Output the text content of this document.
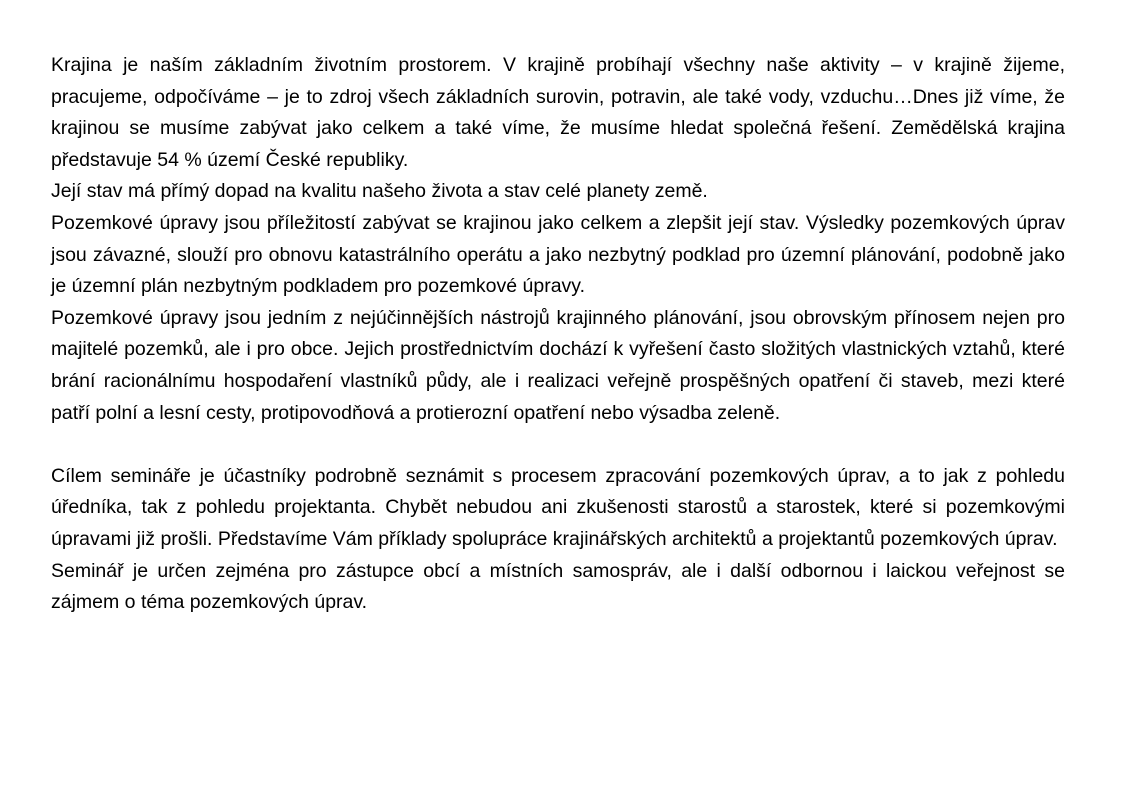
Krajina je naším základním životním prostorem. V krajině probíhají všechny naše aktivity – v krajině žijeme, pracujeme, odpočíváme – je to zdroj všech základních surovin, potravin, ale také vody, vzduchu…Dnes již víme, že krajinou se musíme zabývat jako celkem a také víme, že musíme hledat společná řešení. Zemědělská krajina představuje 54 % území České republiky.

Její stav má přímý dopad na kvalitu našeho života a stav celé planety země.

Pozemkové úpravy jsou příležitostí zabývat se krajinou jako celkem a zlepšit její stav. Výsledky pozemkových úprav jsou závazné, slouží pro obnovu katastrálního operátu a jako nezbytný podklad pro územní plánování, podobně jako je územní plán nezbytným podkladem pro pozemkové úpravy.

Pozemkové úpravy jsou jedním z nejúčinnějších nástrojů krajinného plánování, jsou obrovským přínosem nejen pro majitelé pozemků, ale i pro obce. Jejich prostřednictvím dochází k vyřešení často složitých vlastnických vztahů, které brání racionálnímu hospodaření vlastníků půdy, ale i realizaci veřejně prospěšných opatření či staveb, mezi které patří polní a lesní cesty, protipovodňová a protierozní opatření nebo výsadba zeleně.

Cílem semináře je účastníky podrobně seznámit s procesem zpracování pozemkových úprav, a to jak z pohledu úředníka, tak z pohledu projektanta. Chybět nebudou ani zkušenosti starostů a starostek, které si pozemkovými úpravami již prošli. Představíme Vám příklady spolupráce krajinářských architektů a projektantů pozemkových úprav.

Seminář je určen zejména pro zástupce obcí a místních samospráv, ale i další odbornou i laickou veřejnost se zájmem o téma pozemkových úprav.
